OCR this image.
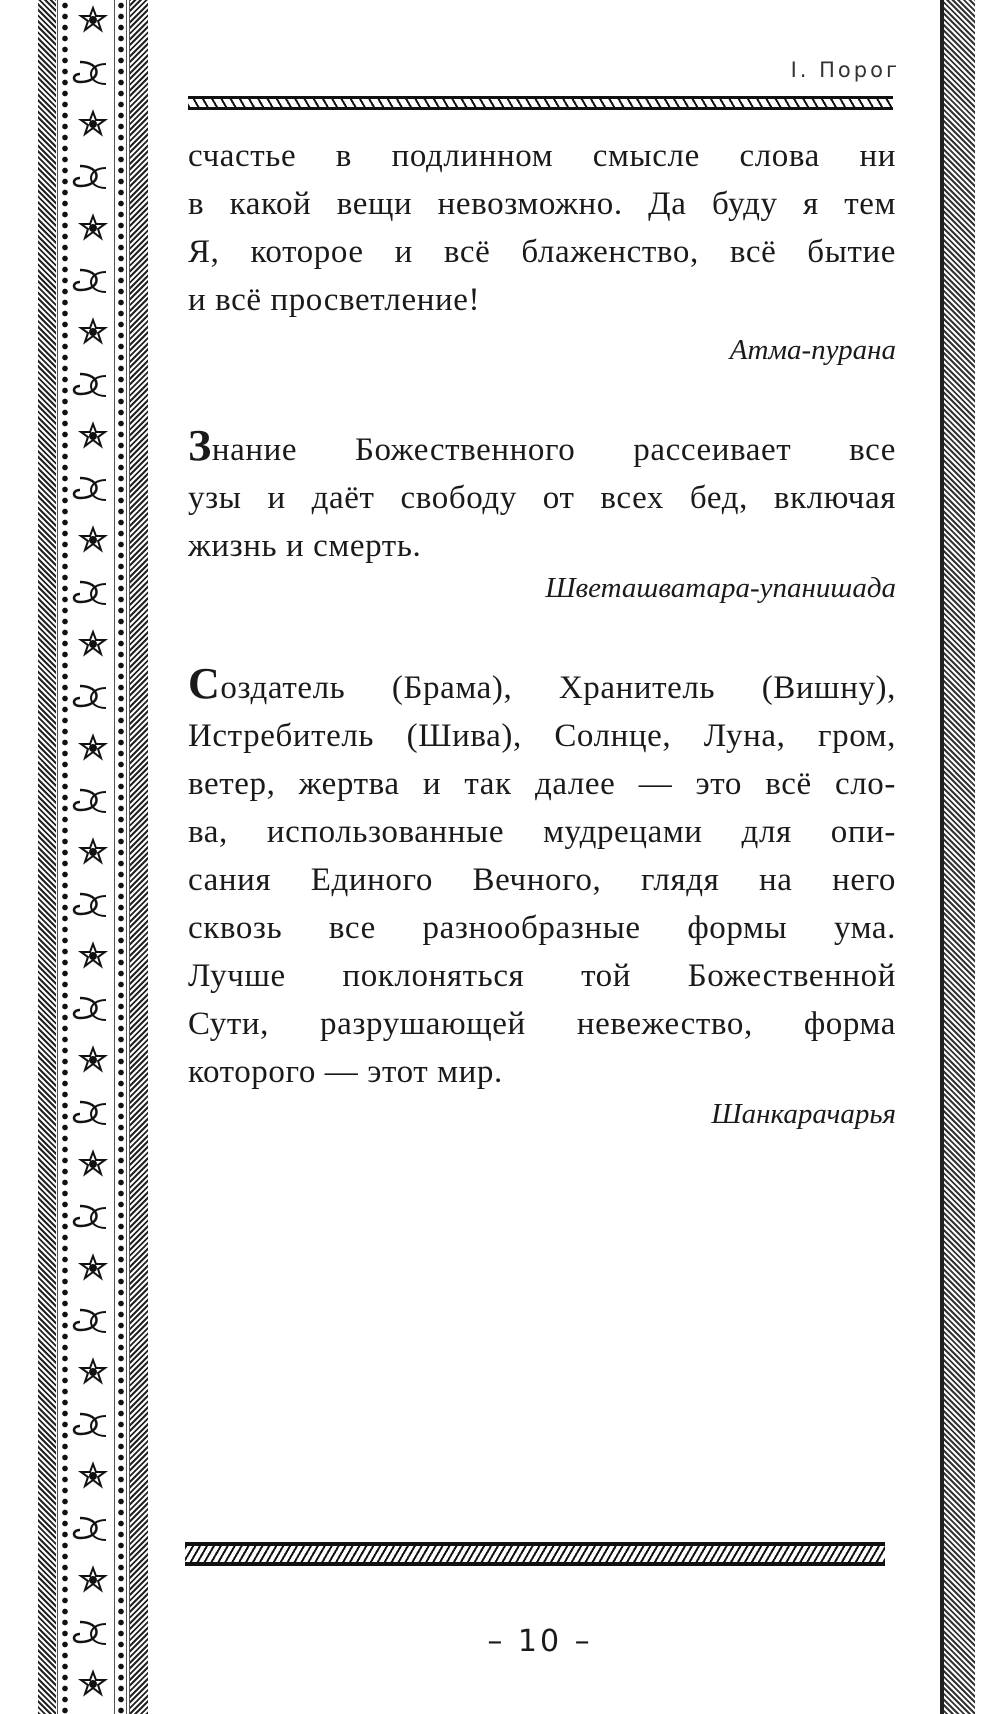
I. Порог
счастье в подлинном смысле слова ни
в какой вещи невозможно. Да буду я тем
Я, которое и всё блаженство, всё бытие
и всё просветление!
Атма-пурана
Знание Божественного рассеивает все
узы и даёт свободу от всех бед, включая
жизнь и смерть.
Шветашватара-упанишада
Создатель (Брама), Хранитель (Вишну),
Истребитель (Шива), Солнце, Луна, гром,
ветер, жертва и так далее — это всё сло-
ва, использованные мудрецами для опи-
сания Единого Вечного, глядя на него
сквозь все разнообразные формы ума.
Лучше поклоняться той Божественной
Сути, разрушающей невежество, форма
которого — этот мир.
Шанкарачарья
– 10 –
